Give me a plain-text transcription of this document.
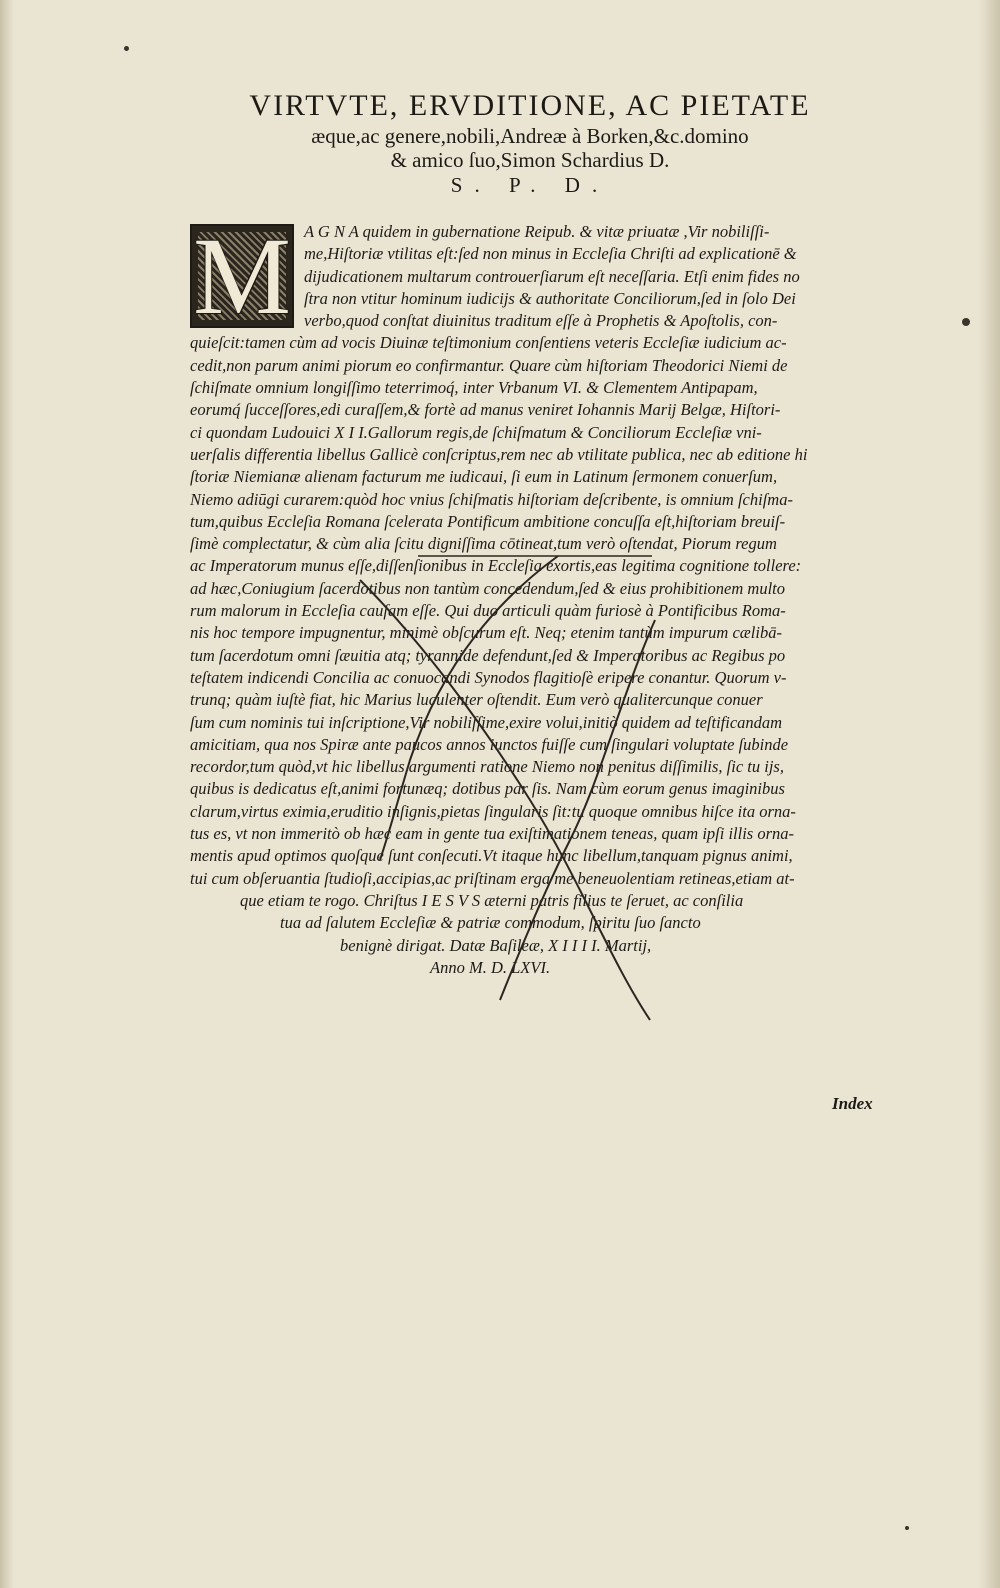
VIRTVTE, ERVDITIONE, AC PIETATE
æque,ac genere,nobili,Andreæ à Borken,&c.domino
& amico ſuo,Simon Schardius D.
S. P. D.
M A G N A quidem in gubernatione Reipub. & vitæ priuatæ ,Vir nobiliſſi-
me,Hiſtoriæ vtilitas eſt:ſed non minus in Eccleſia Chriſti ad explicationē &
dijudicationem multarum controuerſiarum eſt neceſſaria. Etſi enim fides no
ſtra non vtitur hominum iudicijs & authoritate Conciliorum,ſed in ſolo Dei
verbo,quod conſtat diuinitus traditum eſſe à Prophetis & Apoſtolis, con-
quieſcit:tamen cùm ad vocis Diuinæ teſtimonium conſentiens veteris Eccleſiæ iudicium ac-
cedit,non parum animi piorum eo confirmantur. Quare cùm hiſtoriam Theodorici Niemi de
ſchiſmate omnium longiſſimo teterrimoq́, inter Vrbanum VI. & Clementem Antipapam,
eorumq́ ſucceſſores,edi curaſſem,& fortè ad manus veniret Iohannis Marij Belgæ, Hiſtori-
ci quondam Ludouici X I I.Gallorum regis,de ſchiſmatum & Conciliorum Eccleſiæ vni-
uerſalis differentia libellus Gallicè conſcriptus,rem nec ab vtilitate publica, nec ab editione hi
ſtoriæ Niemianæ alienam facturum me iudicaui, ſi eum in Latinum ſermonem conuerſum,
Niemo adiūgi curarem:quòd hoc vnius ſchiſmatis hiſtoriam deſcribente, is omnium ſchiſma-
tum,quibus Eccleſia Romana ſcelerata Pontificum ambitione concuſſa eſt,hiſtoriam breuiſ-
ſimè complectatur, & cùm alia ſcitu digniſſima cōtineat,tum verò oſtendat, Piorum regum
ac Imperatorum munus eſſe,diſſenſionibus in Eccleſia exortis,eas legitima cognitione tollere:
ad hæc,Coniugium ſacerdotibus non tantùm concedendum,ſed & eius prohibitionem multo
rum malorum in Eccleſia cauſam eſſe. Qui duo articuli quàm furiosè à Pontificibus Roma-
nis hoc tempore impugnentur, minimè obſcurum eſt. Neq; etenim tantùm impurum cælibā-
tum ſacerdotum omni ſæuitia atq; tyrannide defendunt,ſed & Imperatoribus ac Regibus po
teſtatem indicendi Concilia ac conuocandi Synodos flagitioſè eripere conantur. Quorum v-
trunq; quàm iuſtè fiat, hic Marius luculenter oſtendit. Eum verò qualitercunque conuer
ſum cum nominis tui inſcriptione,Vir nobiliſſime,exire volui,initiò quidem ad teſtificandam
amicitiam, qua nos Spiræ ante paucos annos iunctos fuiſſe cum ſingulari voluptate ſubinde
recordor,tum quòd,vt hic libellus argumenti ratione Niemo non penitus diſſimilis, ſic tu ijs,
quibus is dedicatus eſt,animi fortunæq; dotibus par ſis. Nam cùm eorum genus imaginibus
clarum,virtus eximia,eruditio inſignis,pietas ſingularis ſit:tu quoque omnibus hiſce ita orna-
tus es, vt non immeritò ob hæc eam in gente tua exiſtimationem teneas, quam ipſi illis orna-
mentis apud optimos quoſque ſunt conſecuti.Vt itaque hunc libellum,tanquam pignus animi,
tui cum obſeruantia ſtudioſi,accipias,ac priſtinam erga me beneuolentiam retineas,etiam at-
que etiam te rogo. Chriſtus I E S V S æterni patris filius te ſeruet, ac conſilia
tua ad ſalutem Eccleſiæ & patriæ commodum, ſpiritu ſuo ſancto
benignè dirigat. Datæ Baſileæ, X I I I I. Martij,
Anno M. D. LXVI.
Index
